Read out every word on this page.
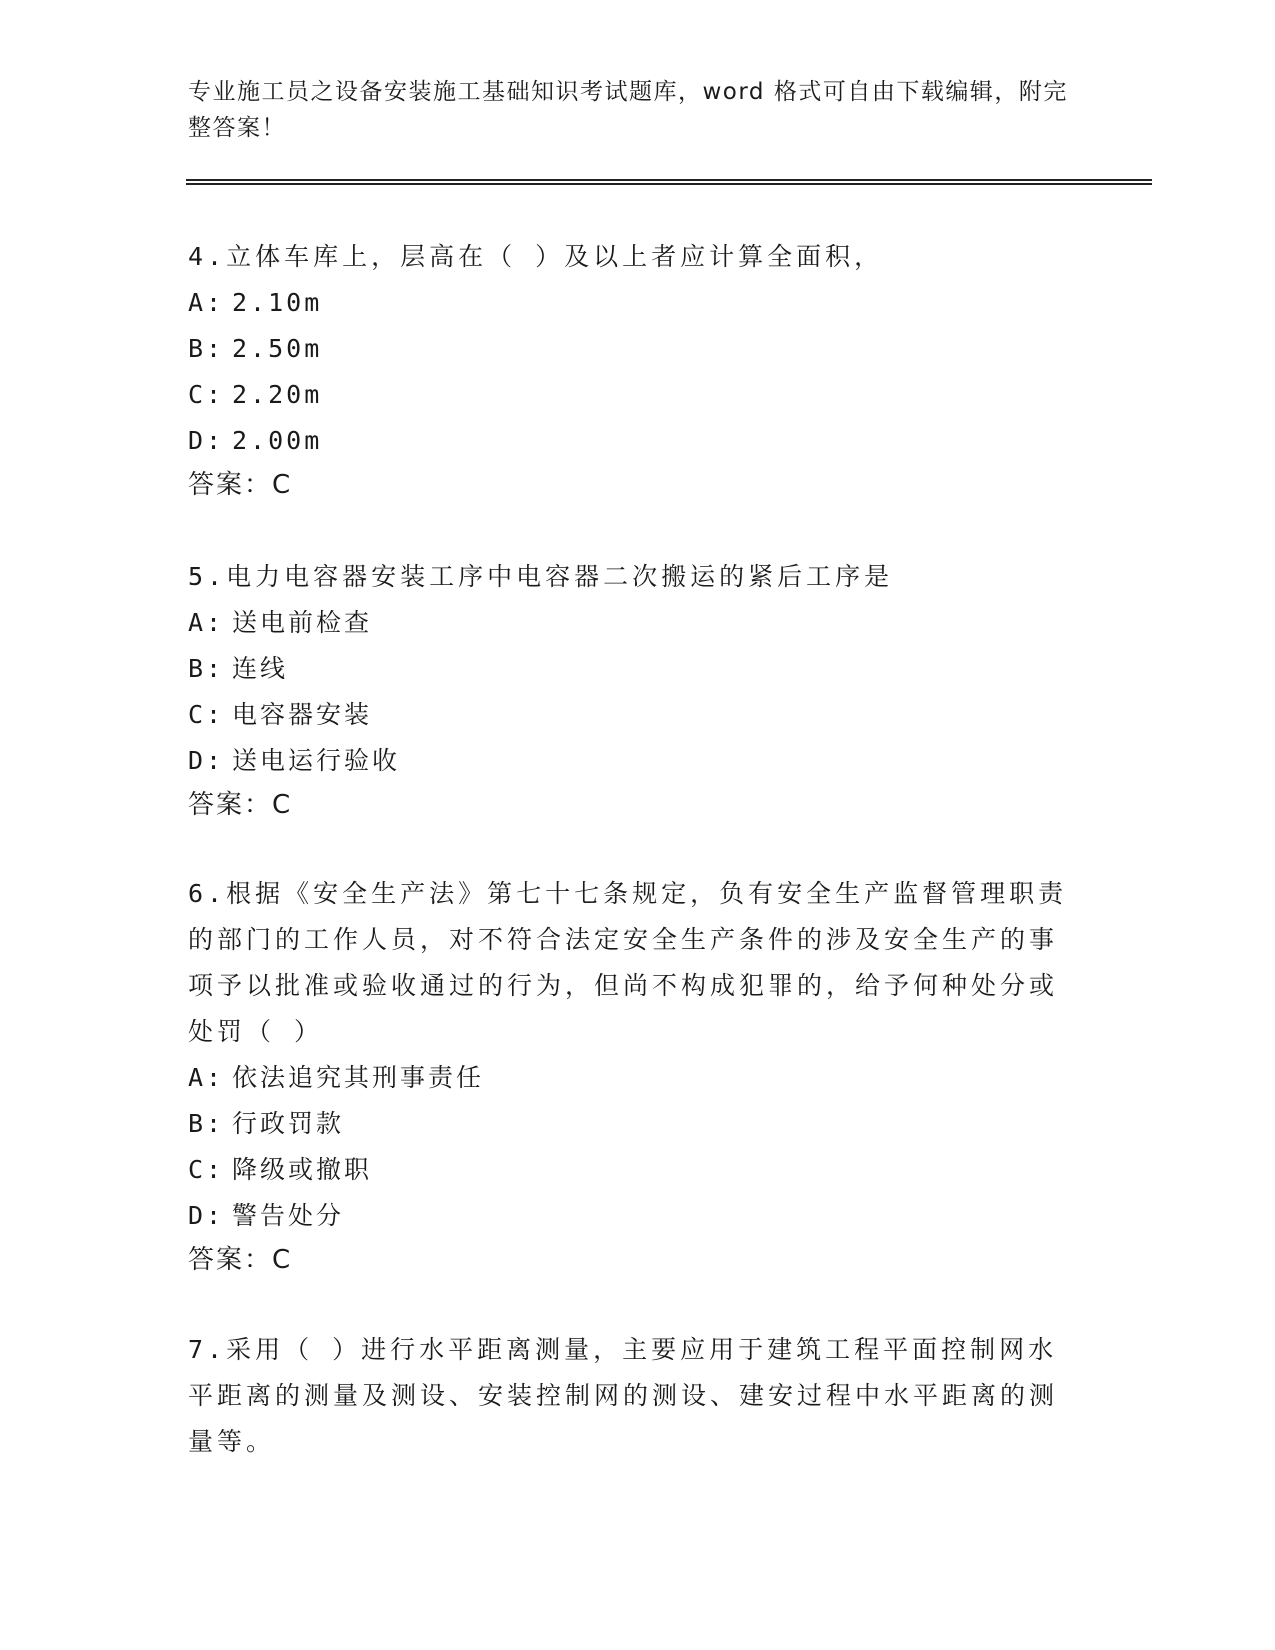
专业施工员之设备安装施工基础知识考试题库，word 格式可自由下载编辑，附完整答案！

4.立体车库上，层高在（ ）及以上者应计算全面积，

A: 2.10m

B: 2.50m

C: 2.20m

D: 2.00m

答案：C

5.电力电容器安装工序中电容器二次搬运的紧后工序是

A: 送电前检查

B: 连线

C: 电容器安装

D: 送电运行验收

答案：C

6.根据《安全生产法》第七十七条规定，负有安全生产监督管理职责的部门的工作人员，对不符合法定安全生产条件的涉及安全生产的事项予以批准或验收通过的行为，但尚不构成犯罪的，给予何种处分或处罚（ ）

A: 依法追究其刑事责任

B: 行政罚款

C: 降级或撤职

D: 警告处分

答案：C

7.采用（ ）进行水平距离测量，主要应用于建筑工程平面控制网水平距离的测量及测设、安装控制网的测设、建安过程中水平距离的测量等。
